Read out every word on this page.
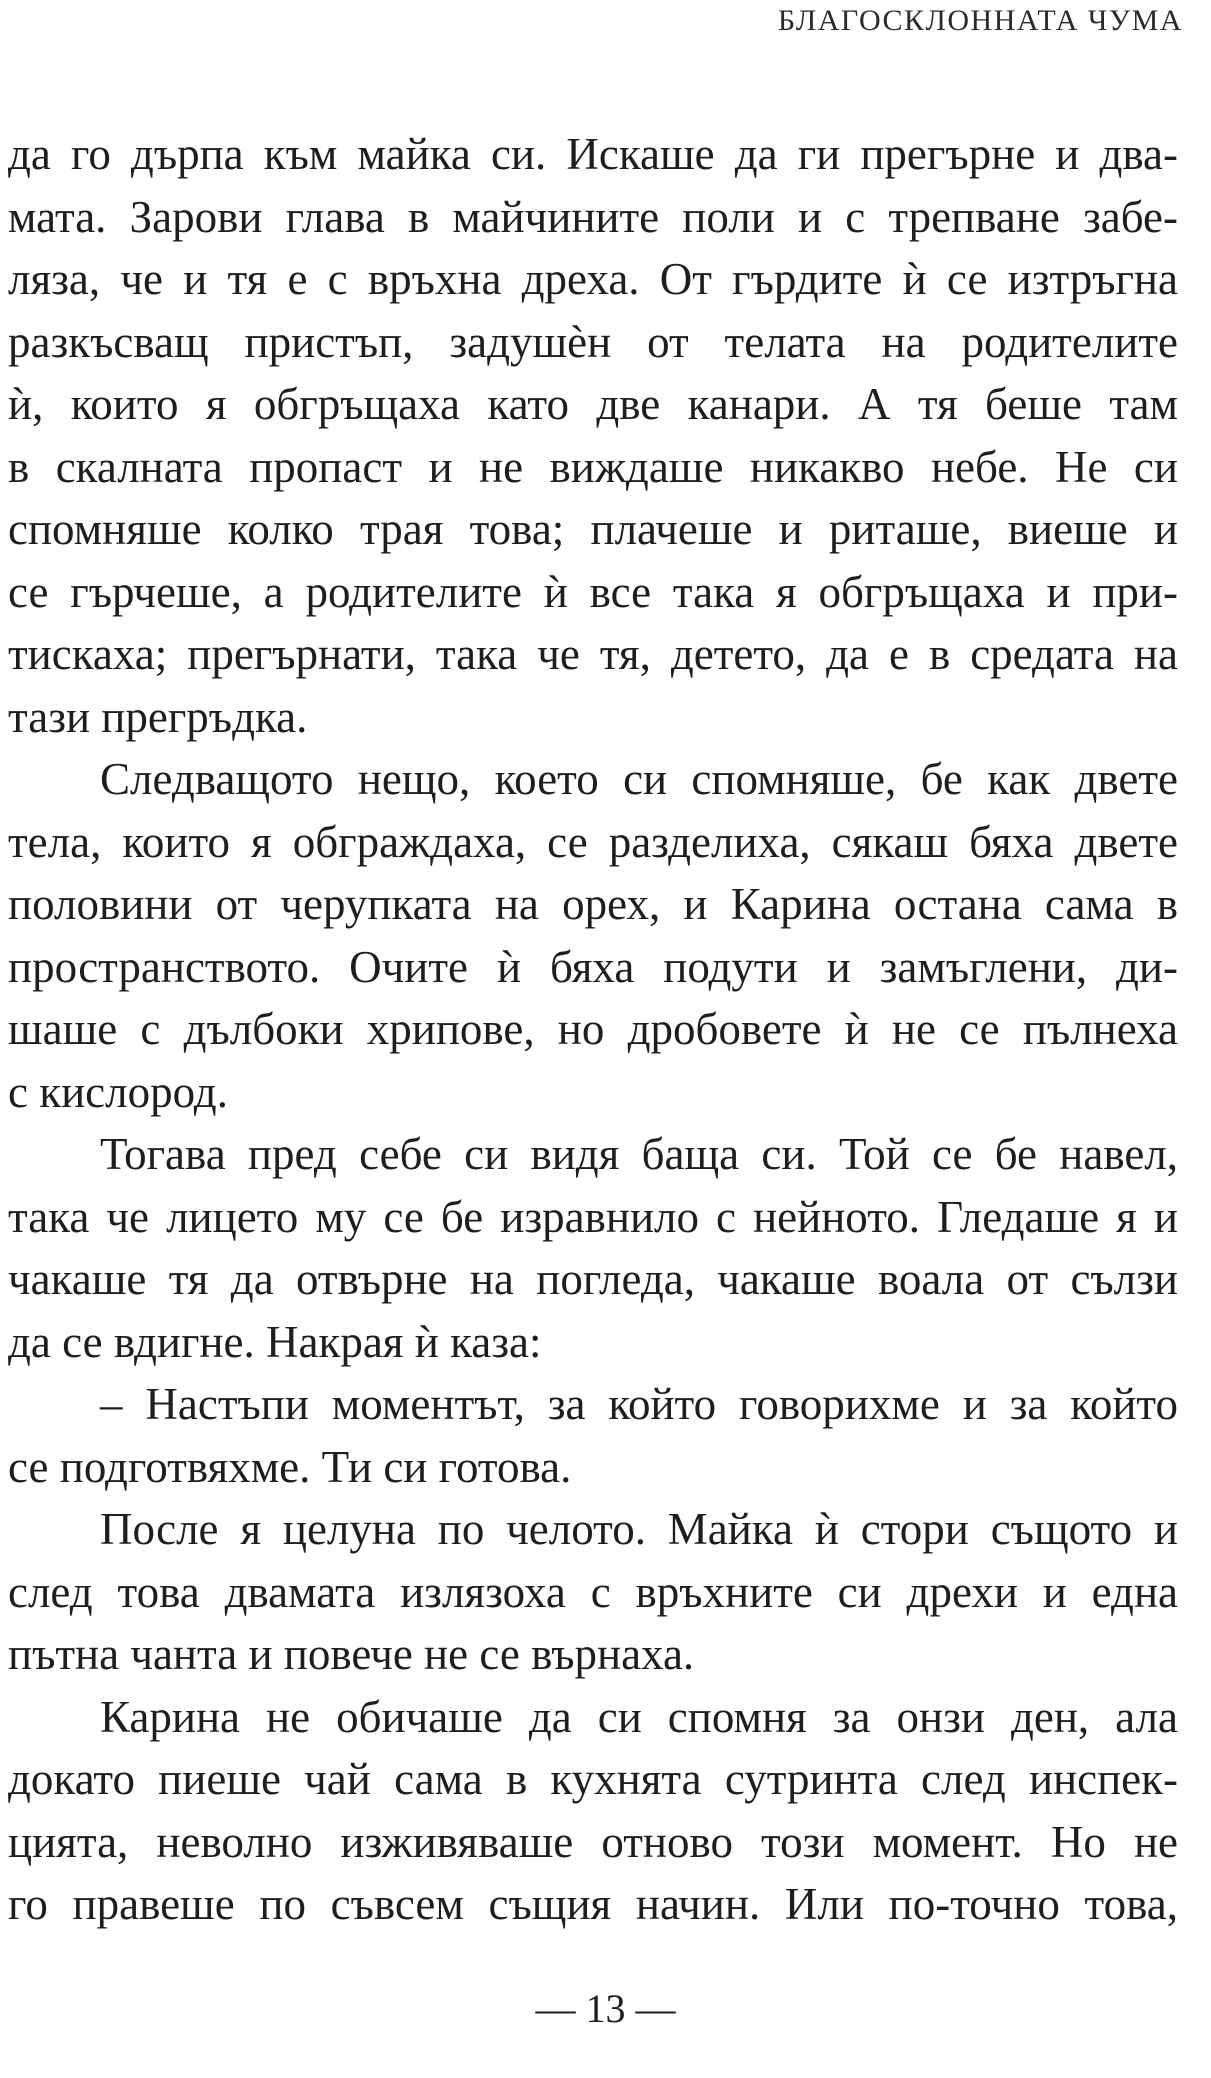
БЛАГОСКЛОННАТА ЧУМА
да го дърпа към майка си. Искаше да ги прегърне и два-
мата. Зарови глава в майчините поли и с трепване забе-
ляза, че и тя е с връхна дреха. От гърдите ѝ се изтръгна
разкъсващ пристъп, задушѐн от телата на родителите
ѝ, които я обгръщаха като две канари. А тя беше там
в скалната пропаст и не виждаше никакво небе. Не си
спомняше колко трая това; плачеше и риташе, виеше и
се гърчеше, а родителите ѝ все така я обгръщаха и при-
тискаха; прегърнати, така че тя, детето, да е в средата на
тази прегръдка.
Следващото нещо, което си спомняше, бе как двете
тела, които я обграждаха, се разделиха, сякаш бяха двете
половини от черупката на орех, и Карина остана сама в
пространството. Очите ѝ бяха подути и замъглени, ди-
шаше с дълбоки хрипове, но дробовете ѝ не се пълнеха
с кислород.
Тогава пред себе си видя баща си. Той се бе навел,
така че лицето му се бе изравнило с нейното. Гледаше я и
чакаше тя да отвърне на погледа, чакаше воала от сълзи
да се вдигне. Накрая ѝ каза:
– Настъпи моментът, за който говорихме и за който
се подготвяхме. Ти си готова.
После я целуна по челото. Майка ѝ стори същото и
след това двамата излязоха с връхните си дрехи и една
пътна чанта и повече не се върнаха.
Карина не обичаше да си спомня за онзи ден, ала
докато пиеше чай сама в кухнята сутринта след инспек-
цията, неволно изживяваше отново този момент. Но не
го правеше по съвсем същия начин. Или по-точно това,
— 13 —
